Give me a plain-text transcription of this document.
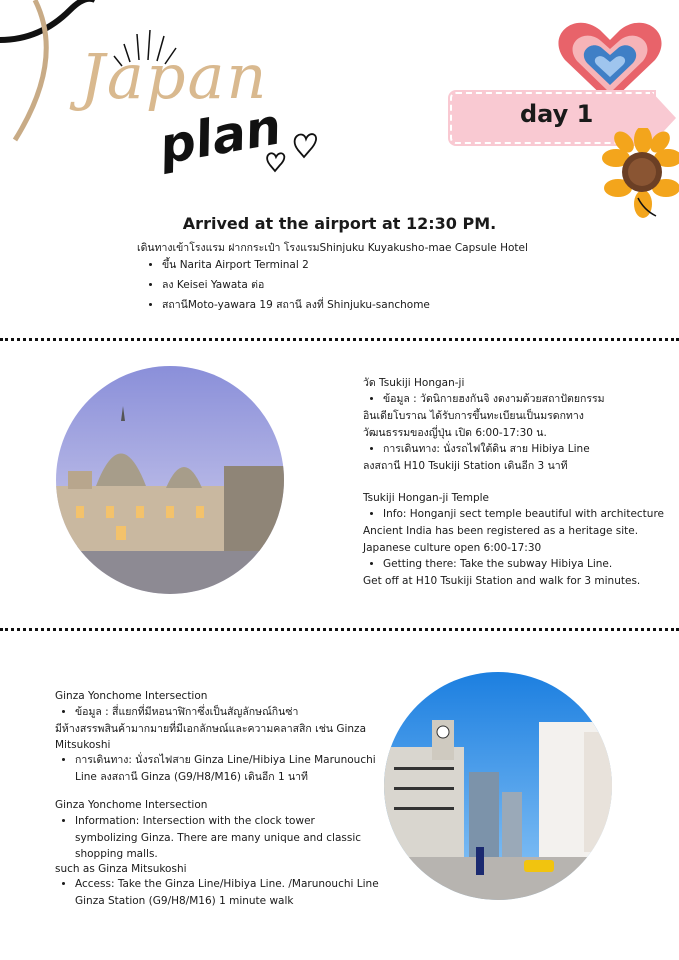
Japan
plan	day 1
Arrived at the airport at 12:30 PM.
เดินทางเข้าโรงแรม ฝากกระเป๋า โรงแรมShinjuku Kuyakusho-mae Capsule Hotel
• ขึ้น Narita Airport Terminal 2
• ลง Keisei Yawata ต่อ
• สถานีMoto-yawara 19 สถานี ลงที่ Shinjuku-sanchome
วัด Tsukiji Hongan-ji
• ข้อมูล : วัดนิกายฮงกันจิ งดงามด้วยสถาปัตยกรรม
อินเดียโบราณ ได้รับการขึ้นทะเบียนเป็นมรดกทาง
วัฒนธรรมของญี่ปุ่น เปิด 6:00-17:30 น.
• การเดินทาง: นั่งรถไฟใต้ดิน สาย Hibiya Line
ลงสถานี H10 Tsukiji Station เดินอีก 3 นาที
Tsukiji Hongan-ji Temple
• Info: Honganji sect temple beautiful with architecture
Ancient India has been registered as a heritage site.
Japanese culture open 6:00-17:30
• Getting there: Take the subway Hibiya Line.
Get off at H10 Tsukiji Station and walk for 3 minutes.
Ginza Yonchome Intersection
• ข้อมูล : สี่แยกที่มีหอนาฬิกาซึ่งเป็นสัญลักษณ์กินซ่า
มีห้างสรรพสินค้ามากมายที่มีเอกลักษณ์และความคลาสสิก เช่น Ginza
Mitsukoshi
• การเดินทาง: นั่งรถไฟสาย Ginza Line/Hibiya Line Marunouchi
Line ลงสถานี Ginza (G9/H8/M16) เดินอีก 1 นาที
Ginza Yonchome Intersection
• Information: Intersection with the clock tower
symbolizing Ginza. There are many unique and classic
shopping malls.
such as Ginza Mitsukoshi
• Access: Take the Ginza Line/Hibiya Line. /Marunouchi Line
Ginza Station (G9/H8/M16) 1 minute walk
